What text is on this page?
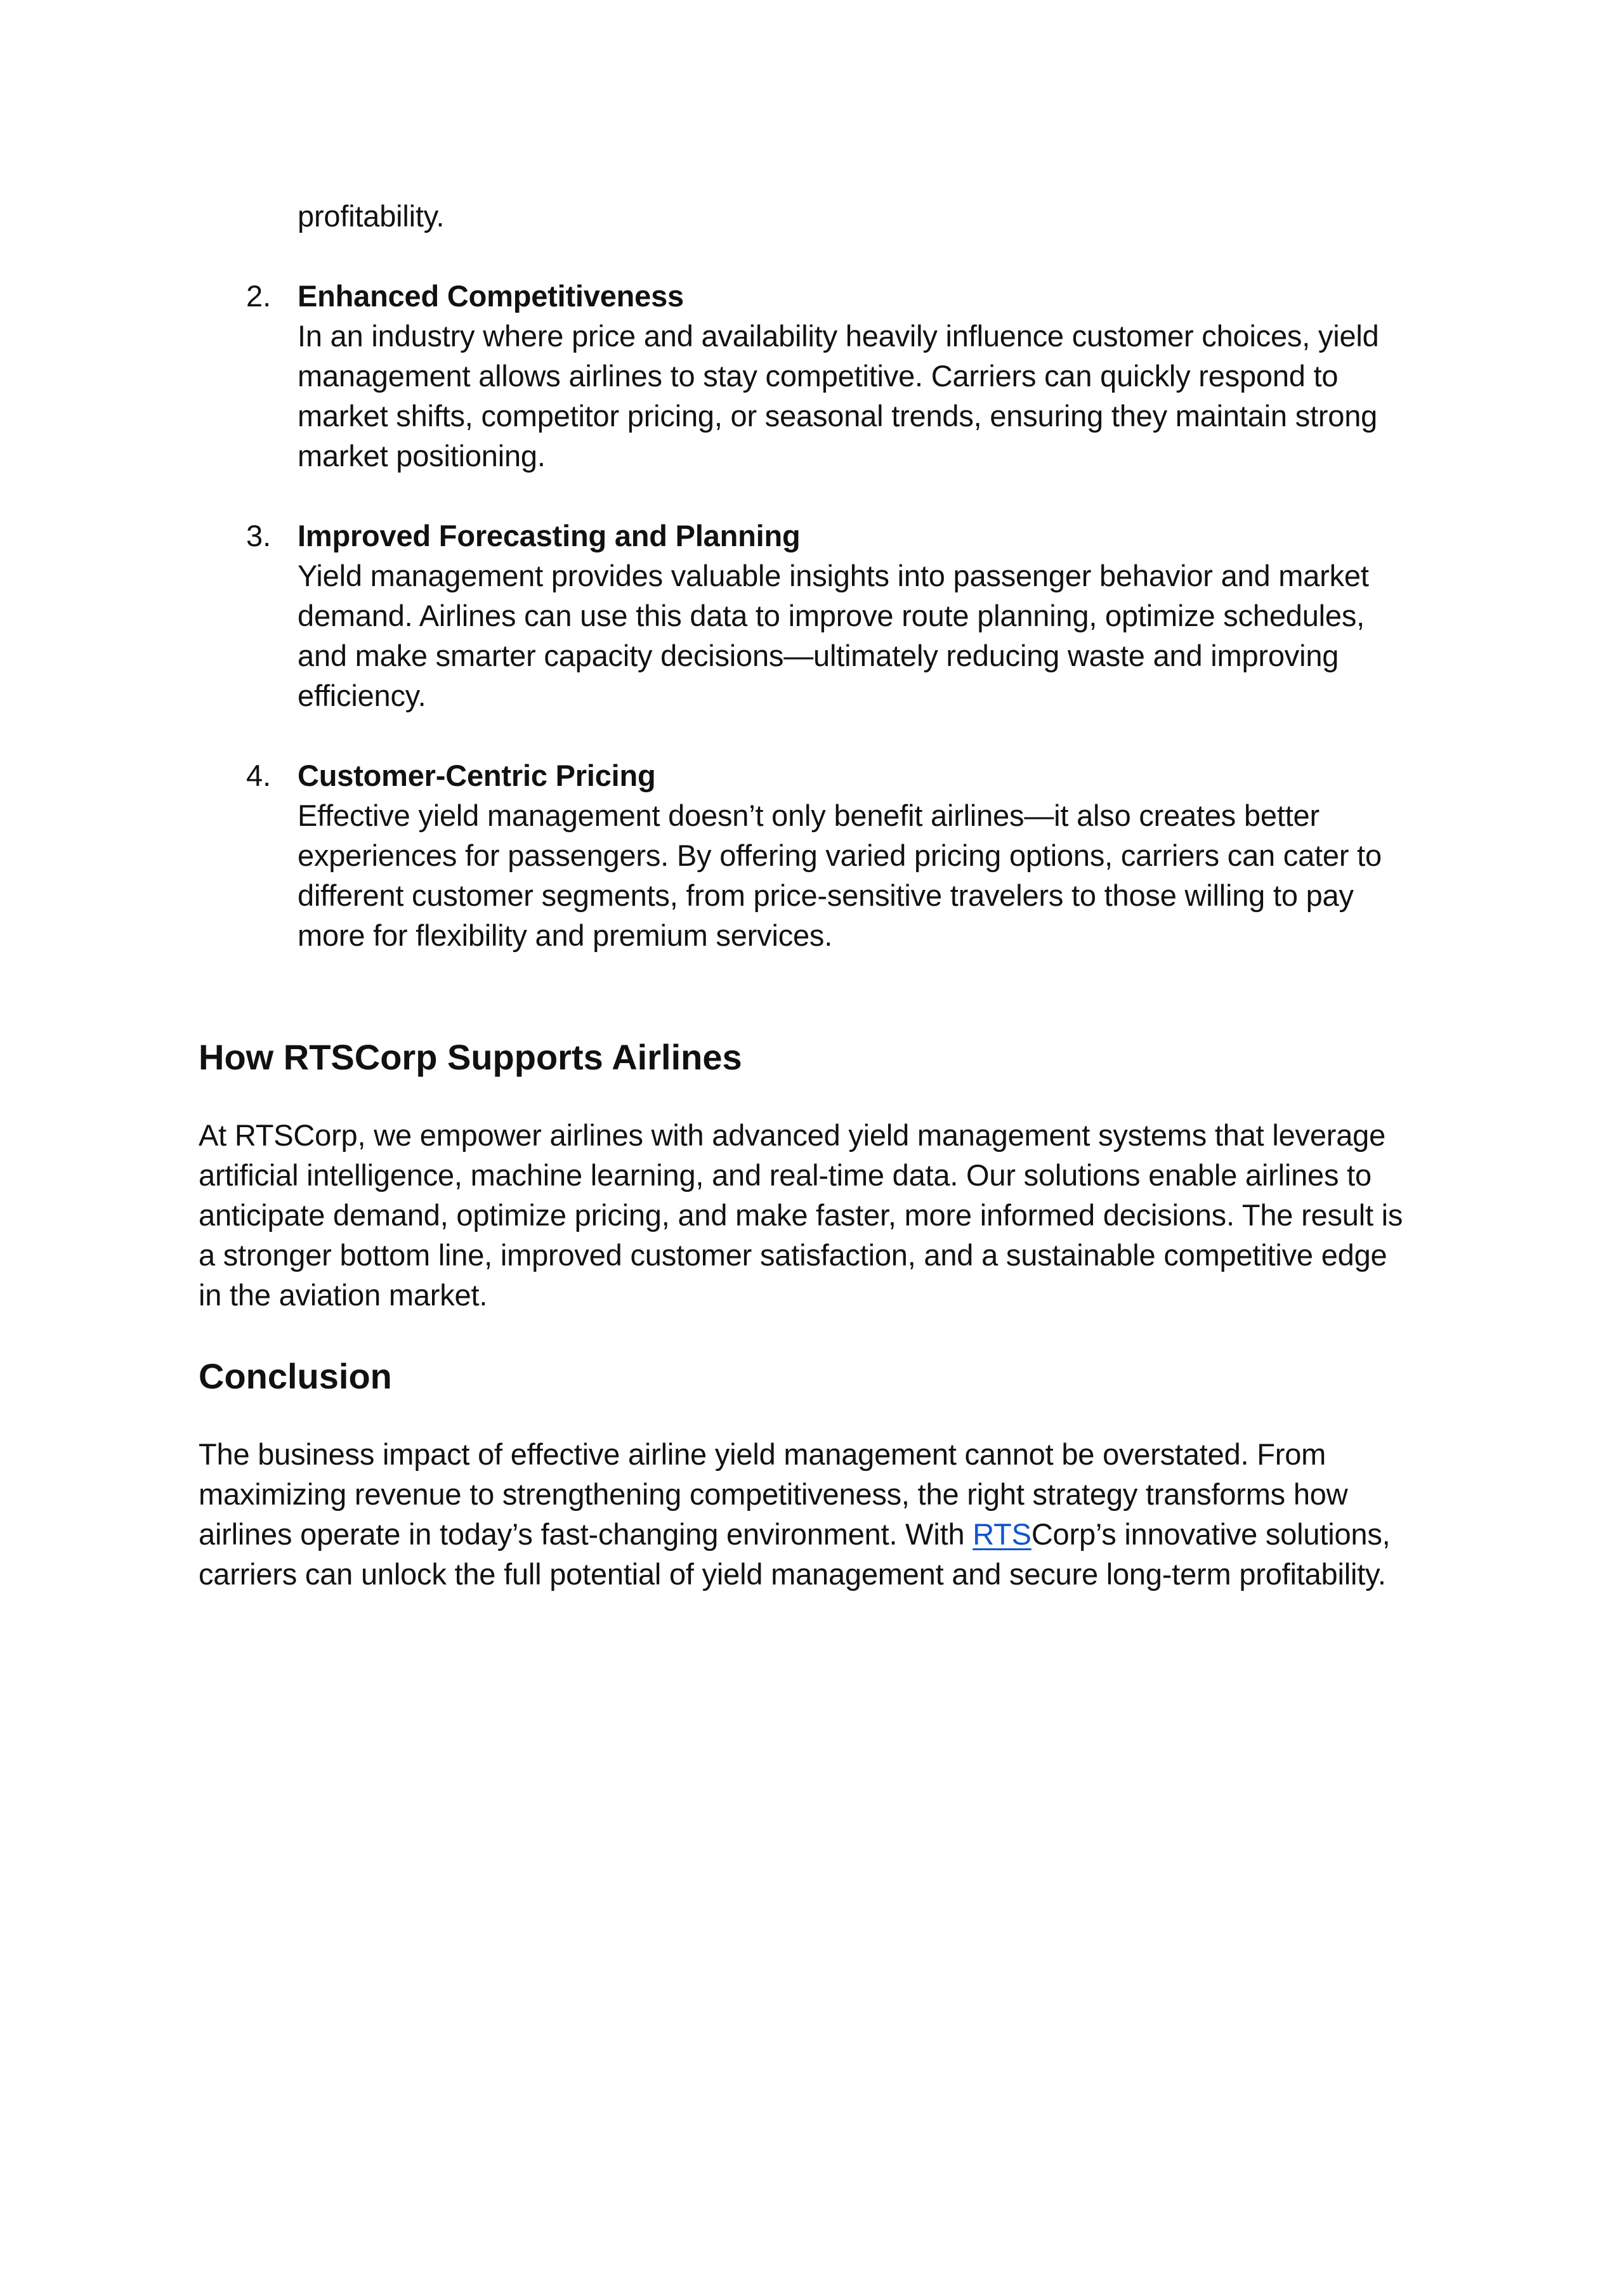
profitability.

2. Enhanced Competitiveness

In an industry where price and availability heavily influence customer choices, yield

management allows airlines to stay competitive. Carriers can quickly respond to

market shifts, competitor pricing, or seasonal trends, ensuring they maintain strong

market positioning.

3. Improved Forecasting and Planning

Yield management provides valuable insights into passenger behavior and market

demand. Airlines can use this data to improve route planning, optimize schedules,

and make smarter capacity decisions—ultimately reducing waste and improving

efficiency.

4. Customer-Centric Pricing

Effective yield management doesn’t only benefit airlines—it also creates better

experiences for passengers. By offering varied pricing options, carriers can cater to

different customer segments, from price-sensitive travelers to those willing to pay

more for flexibility and premium services.

How RTSCorp Supports Airlines

At RTSCorp, we empower airlines with advanced yield management systems that leverage

artificial intelligence, machine learning, and real-time data. Our solutions enable airlines to

anticipate demand, optimize pricing, and make faster, more informed decisions. The result is

a stronger bottom line, improved customer satisfaction, and a sustainable competitive edge

in the aviation market.

Conclusion

The business impact of effective airline yield management cannot be overstated. From

maximizing revenue to strengthening competitiveness, the right strategy transforms how

airlines operate in today’s fast-changing environment. With RTSCorp’s innovative solutions,

carriers can unlock the full potential of yield management and secure long-term profitability.
